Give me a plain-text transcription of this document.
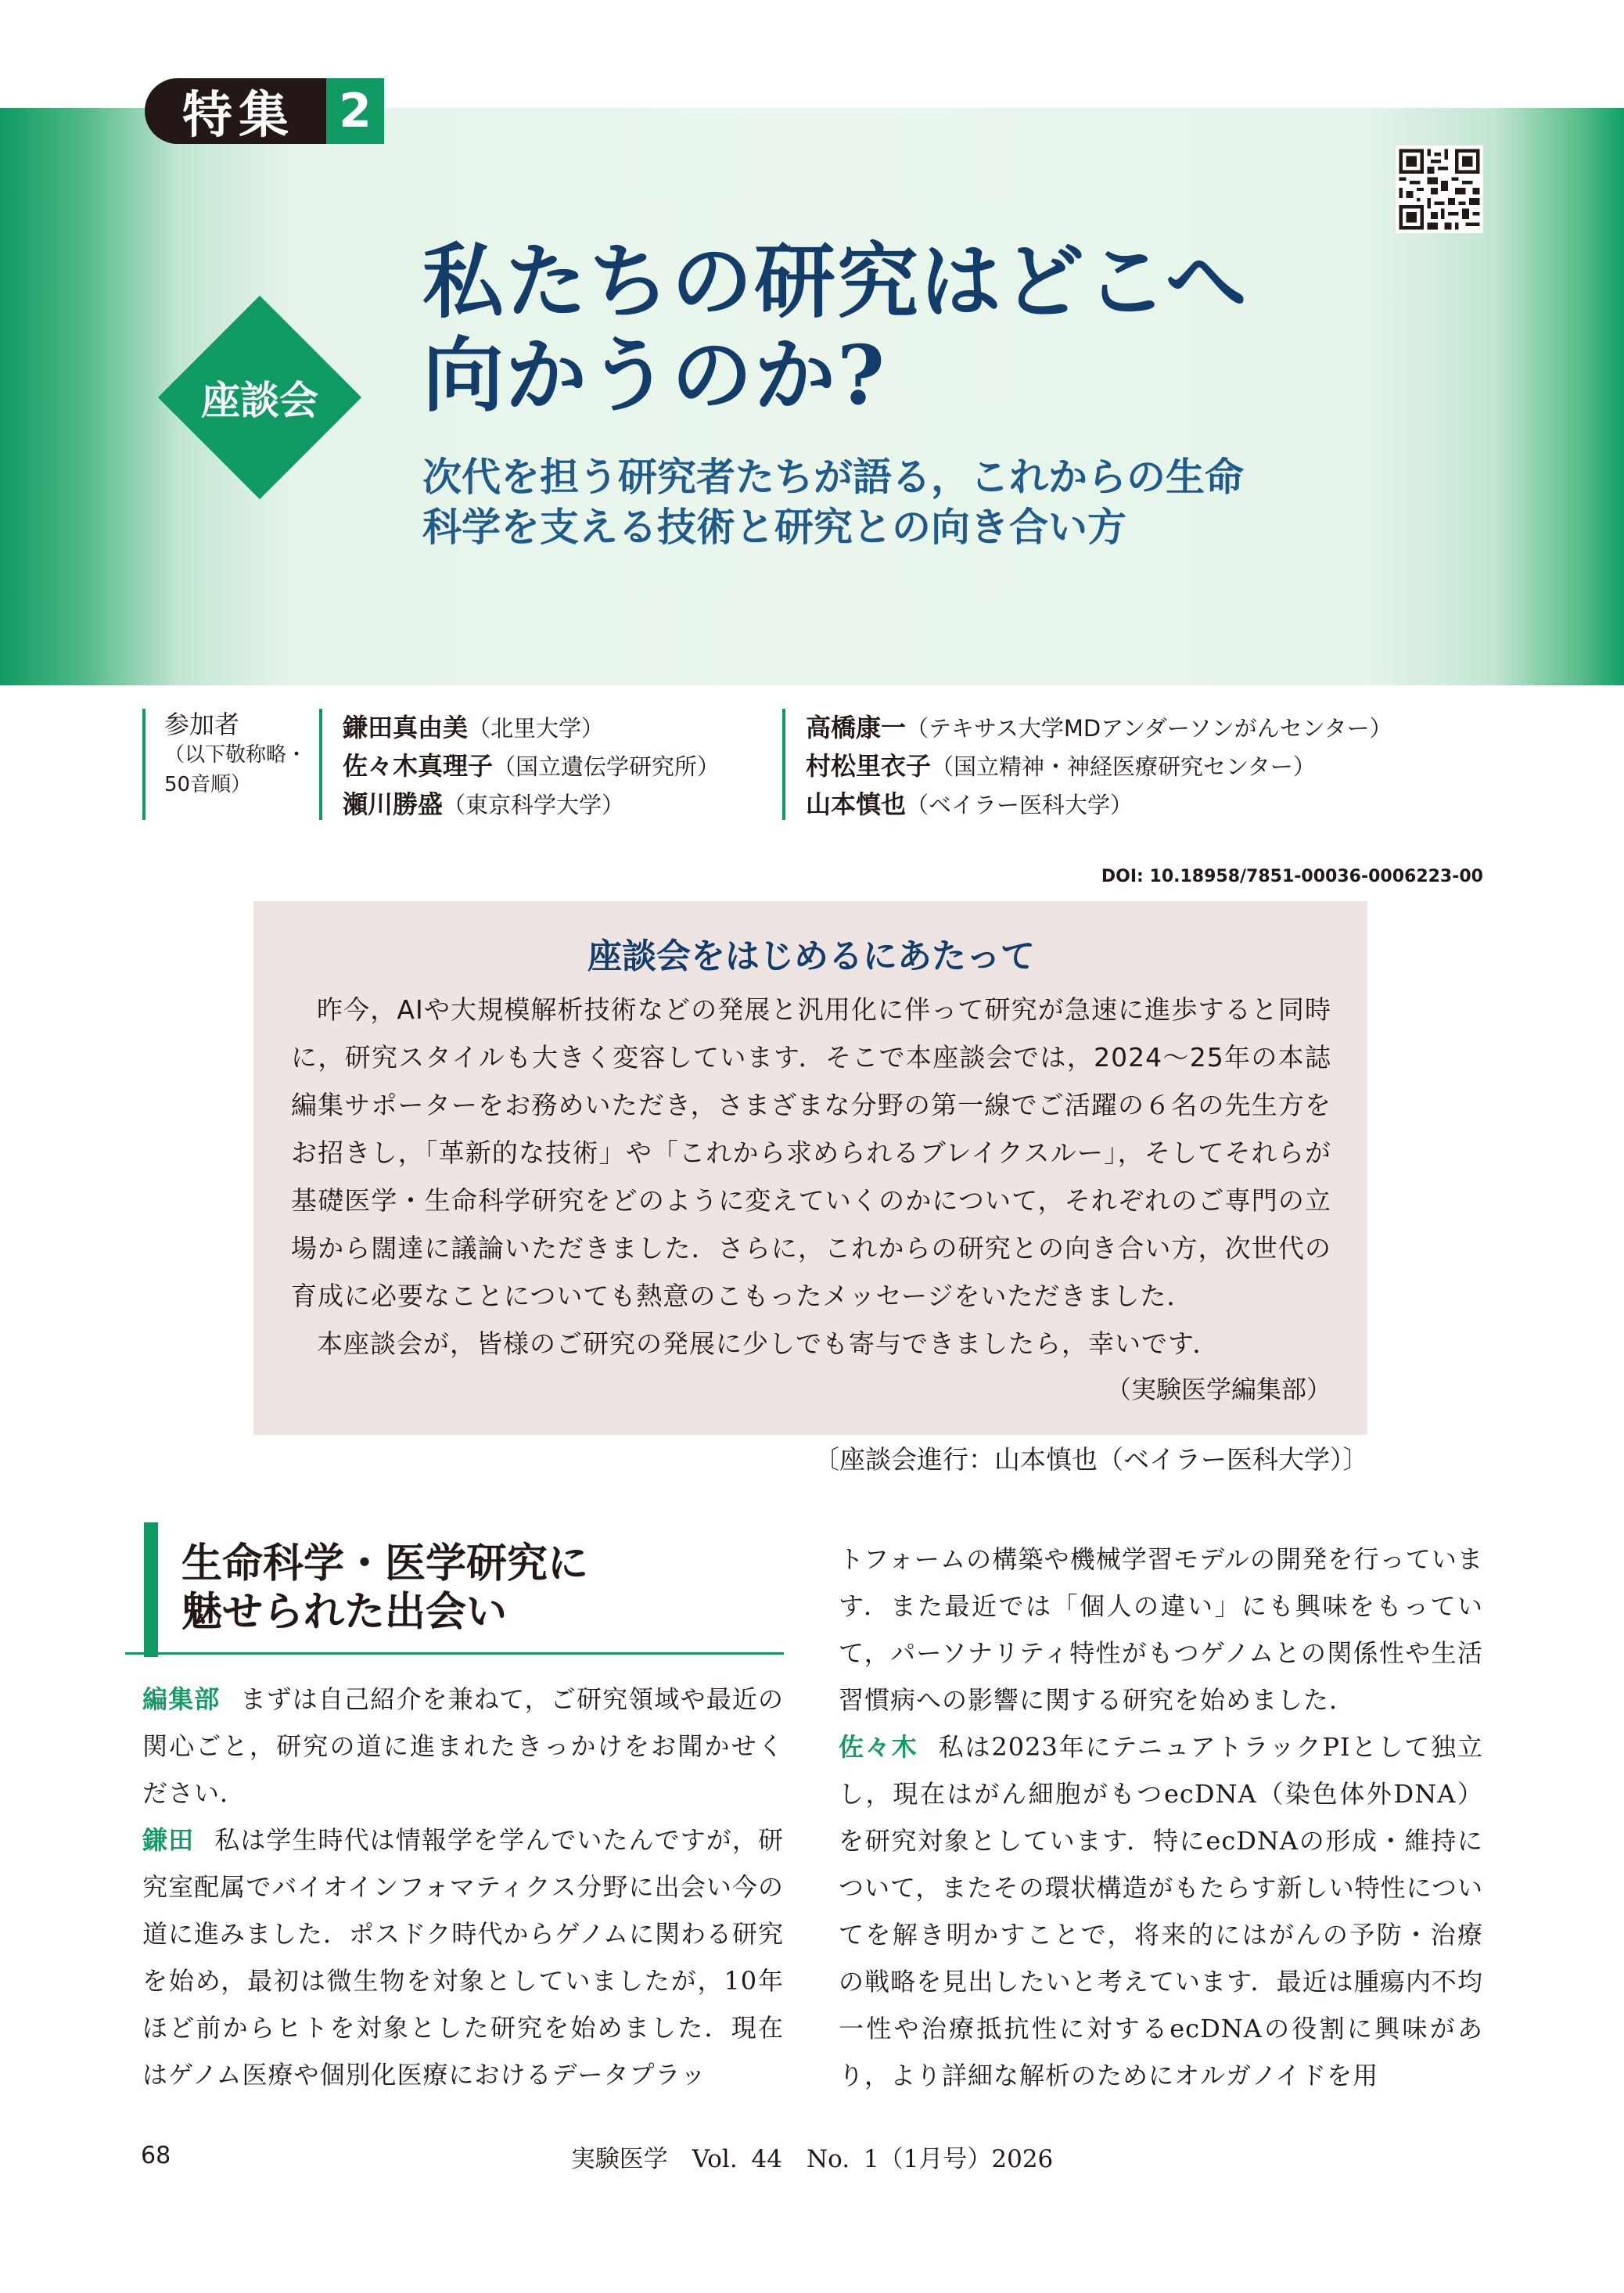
特集 2
座談会
私たちの研究はどこへ
向かうのか?
次代を担う研究者たちが語る，これからの生命
科学を支える技術と研究との向き合い方
参加者
（以下敬称略・
50音順）
鎌田真由美（北里大学）
佐々木真理子（国立遺伝学研究所）
瀬川勝盛（東京科学大学）
高橋康一（テキサス大学MDアンダーソンがんセンター）
村松里衣子（国立精神・神経医療研究センター）
山本慎也（ベイラー医科大学）
DOI: 10.18958/7851-00036-0006223-00
座談会をはじめるにあたって

昨今，AIや大規模解析技術などの発展と汎用化に伴って研究が急速に進歩すると同時に，研究スタイルも大きく変容しています．そこで本座談会では，2024～25年の本誌編集サポーターをお務めいただき，さまざまな分野の第一線でご活躍の６名の先生方をお招きし，「革新的な技術」や「これから求められるブレイクスルー」，そしてそれらが基礎医学・生命科学研究をどのように変えていくのかについて，それぞれのご専門の立場から闊達に議論いただきました．さらに，これからの研究との向き合い方，次世代の育成に必要なことについても熱意のこもったメッセージをいただきました．

本座談会が，皆様のご研究の発展に少しでも寄与できましたら，幸いです．

（実験医学編集部）
〔座談会進行：山本慎也（ベイラー医科大学）〕
生命科学・医学研究に
魅せられた出会い
編集部 まずは自己紹介を兼ねて，ご研究領域や最近の関心ごと，研究の道に進まれたきっかけをお聞かせください．
鎌田 私は学生時代は情報学を学んでいたんですが，研究室配属でバイオインフォマティクス分野に出会い今の道に進みました．ポスドク時代からゲノムに関わる研究を始め，最初は微生物を対象としていましたが，10年ほど前からヒトを対象とした研究を始めました．現在はゲノム医療や個別化医療におけるデータプラッ
トフォームの構築や機械学習モデルの開発を行っています．また最近では「個人の違い」にも興味をもっていて，パーソナリティ特性がもつゲノムとの関係性や生活習慣病への影響に関する研究を始めました．
佐々木 私は2023年にテニュアトラックPIとして独立し，現在はがん細胞がもつecDNA（染色体外DNA）を研究対象としています．特にecDNAの形成・維持について，またその環状構造がもたらす新しい特性についてを解き明かすことで，将来的にはがんの予防・治療の戦略を見出したいと考えています．最近は腫瘍内不均一性や治療抵抗性に対するecDNAの役割に興味があり，より詳細な解析のためにオルガノイドを用
68	実験医学　Vol. 44　No. 1（1月号）2026
